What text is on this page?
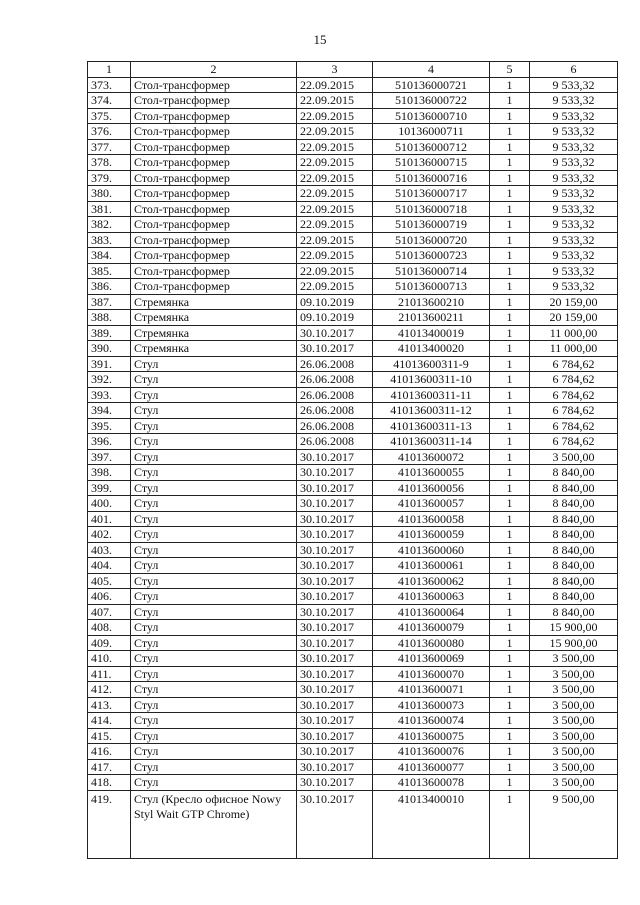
15
1	2	3	4	5	6
373.	Стол-трансформер	22.09.2015	510136000721	1	9 533,32
374.	Стол-трансформер	22.09.2015	510136000722	1	9 533,32
375.	Стол-трансформер	22.09.2015	510136000710	1	9 533,32
376.	Стол-трансформер	22.09.2015	10136000711	1	9 533,32
377.	Стол-трансформер	22.09.2015	510136000712	1	9 533,32
378.	Стол-трансформер	22.09.2015	510136000715	1	9 533,32
379.	Стол-трансформер	22.09.2015	510136000716	1	9 533,32
380.	Стол-трансформер	22.09.2015	510136000717	1	9 533,32
381.	Стол-трансформер	22.09.2015	510136000718	1	9 533,32
382.	Стол-трансформер	22.09.2015	510136000719	1	9 533,32
383.	Стол-трансформер	22.09.2015	510136000720	1	9 533,32
384.	Стол-трансформер	22.09.2015	510136000723	1	9 533,32
385.	Стол-трансформер	22.09.2015	510136000714	1	9 533,32
386.	Стол-трансформер	22.09.2015	510136000713	1	9 533,32
387.	Стремянка	09.10.2019	21013600210	1	20 159,00
388.	Стремянка	09.10.2019	21013600211	1	20 159,00
389.	Стремянка	30.10.2017	41013400019	1	11 000,00
390.	Стремянка	30.10.2017	41013400020	1	11 000,00
391.	Стул	26.06.2008	41013600311-9	1	6 784,62
392.	Стул	26.06.2008	41013600311-10	1	6 784,62
393.	Стул	26.06.2008	41013600311-11	1	6 784,62
394.	Стул	26.06.2008	41013600311-12	1	6 784,62
395.	Стул	26.06.2008	41013600311-13	1	6 784,62
396.	Стул	26.06.2008	41013600311-14	1	6 784,62
397.	Стул	30.10.2017	41013600072	1	3 500,00
398.	Стул	30.10.2017	41013600055	1	8 840,00
399.	Стул	30.10.2017	41013600056	1	8 840,00
400.	Стул	30.10.2017	41013600057	1	8 840,00
401.	Стул	30.10.2017	41013600058	1	8 840,00
402.	Стул	30.10.2017	41013600059	1	8 840,00
403.	Стул	30.10.2017	41013600060	1	8 840,00
404.	Стул	30.10.2017	41013600061	1	8 840,00
405.	Стул	30.10.2017	41013600062	1	8 840,00
406.	Стул	30.10.2017	41013600063	1	8 840,00
407.	Стул	30.10.2017	41013600064	1	8 840,00
408.	Стул	30.10.2017	41013600079	1	15 900,00
409.	Стул	30.10.2017	41013600080	1	15 900,00
410.	Стул	30.10.2017	41013600069	1	3 500,00
411.	Стул	30.10.2017	41013600070	1	3 500,00
412.	Стул	30.10.2017	41013600071	1	3 500,00
413.	Стул	30.10.2017	41013600073	1	3 500,00
414.	Стул	30.10.2017	41013600074	1	3 500,00
415.	Стул	30.10.2017	41013600075	1	3 500,00
416.	Стул	30.10.2017	41013600076	1	3 500,00
417.	Стул	30.10.2017	41013600077	1	3 500,00
418.	Стул	30.10.2017	41013600078	1	3 500,00
419.	Стул (Кресло офисное Nowy Styl Wait GTP Chrome)	30.10.2017	41013400010	1	9 500,00
